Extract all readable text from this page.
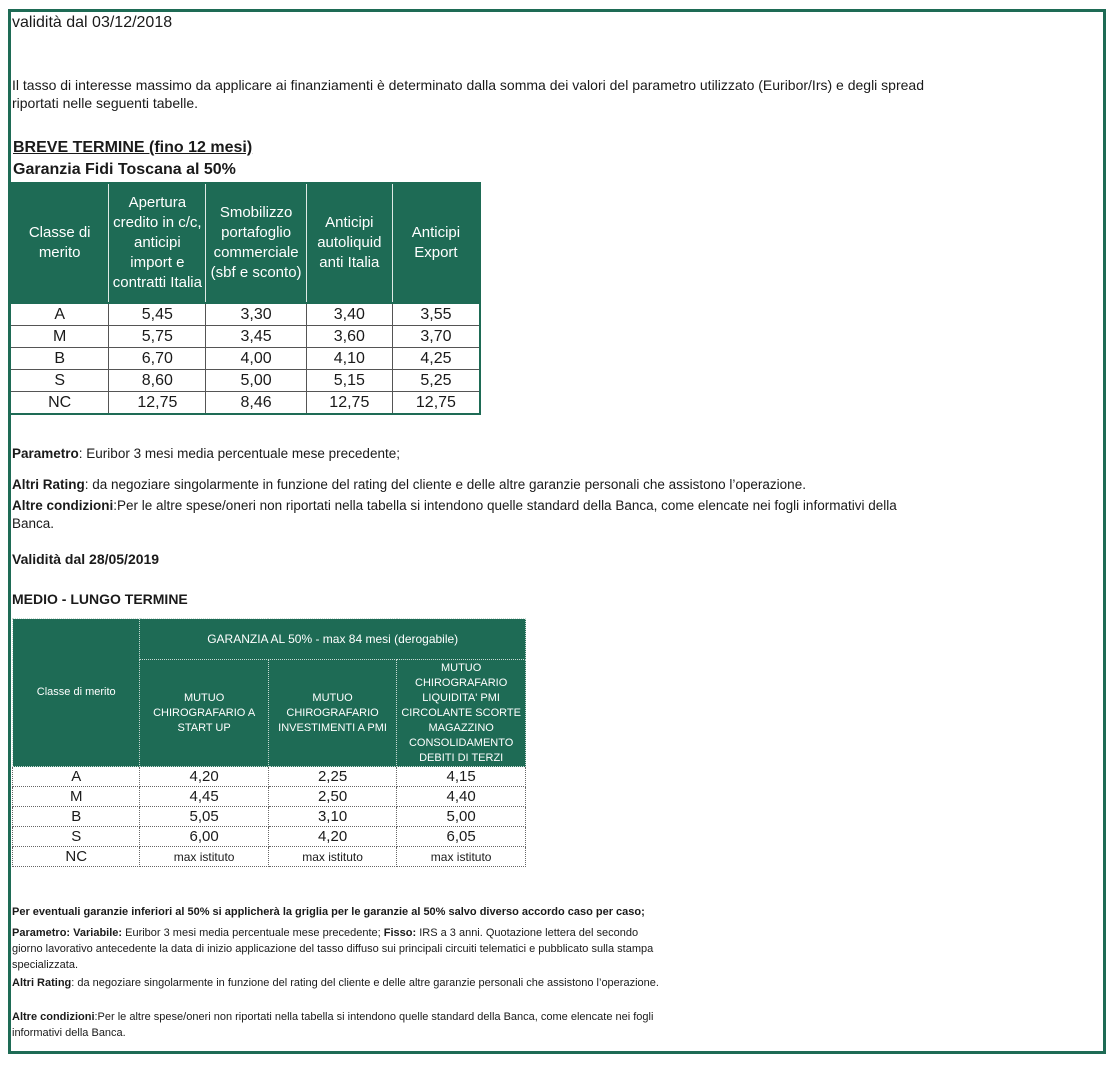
validità dal 03/12/2018
Il tasso di interesse massimo da applicare ai finanziamenti è determinato dalla somma dei valori del parametro utilizzato (Euribor/Irs) e degli spread riportati nelle seguenti tabelle.
BREVE TERMINE (fino 12 mesi)
Garanzia Fidi Toscana al 50%
Classe di merito	Apertura credito in c/c, anticipi import e contratti Italia	Smobilizzo portafoglio commerciale (sbf e sconto)	Anticipi autoliquid anti Italia	Anticipi Export
A	5,45	3,30	3,40	3,55
M	5,75	3,45	3,60	3,70
B	6,70	4,00	4,10	4,25
S	8,60	5,00	5,15	5,25
NC	12,75	8,46	12,75	12,75
Parametro: Euribor 3 mesi media percentuale mese precedente;
Altri Rating: da negoziare singolarmente in funzione del rating del cliente e delle altre garanzie personali che assistono l’operazione.
Altre condizioni:Per le altre spese/oneri non riportati nella tabella si intendono quelle standard della Banca, come elencate nei fogli informativi della Banca.
Validità dal 28/05/2019
MEDIO - LUNGO TERMINE
Classe di merito	GARANZIA AL 50% - max 84 mesi (derogabile)		
	MUTUO CHIROGRAFARIO A START UP	MUTUO CHIROGRAFARIO INVESTIMENTI A PMI	MUTUO CHIROGRAFARIO LIQUIDITA' PMI CIRCOLANTE SCORTE MAGAZZINO CONSOLIDAMENTO DEBITI DI TERZI
A	4,20	2,25	4,15
M	4,45	2,50	4,40
B	5,05	3,10	5,00
S	6,00	4,20	6,05
NC	max istituto	max istituto	max istituto
Per eventuali garanzie inferiori al 50% si applicherà la griglia per le garanzie al 50% salvo diverso accordo caso per caso;
Parametro: Variabile: Euribor 3 mesi media percentuale mese precedente; Fisso: IRS a 3 anni. Quotazione lettera del secondo giorno lavorativo antecedente la data di inizio applicazione del tasso diffuso sui principali circuiti telematici e pubblicato sulla stampa specializzata.
Altri Rating: da negoziare singolarmente in funzione del rating del cliente e delle altre garanzie personali che assistono l’operazione.
Altre condizioni:Per le altre spese/oneri non riportati nella tabella si intendono quelle standard della Banca, come elencate nei fogli informativi della Banca.
